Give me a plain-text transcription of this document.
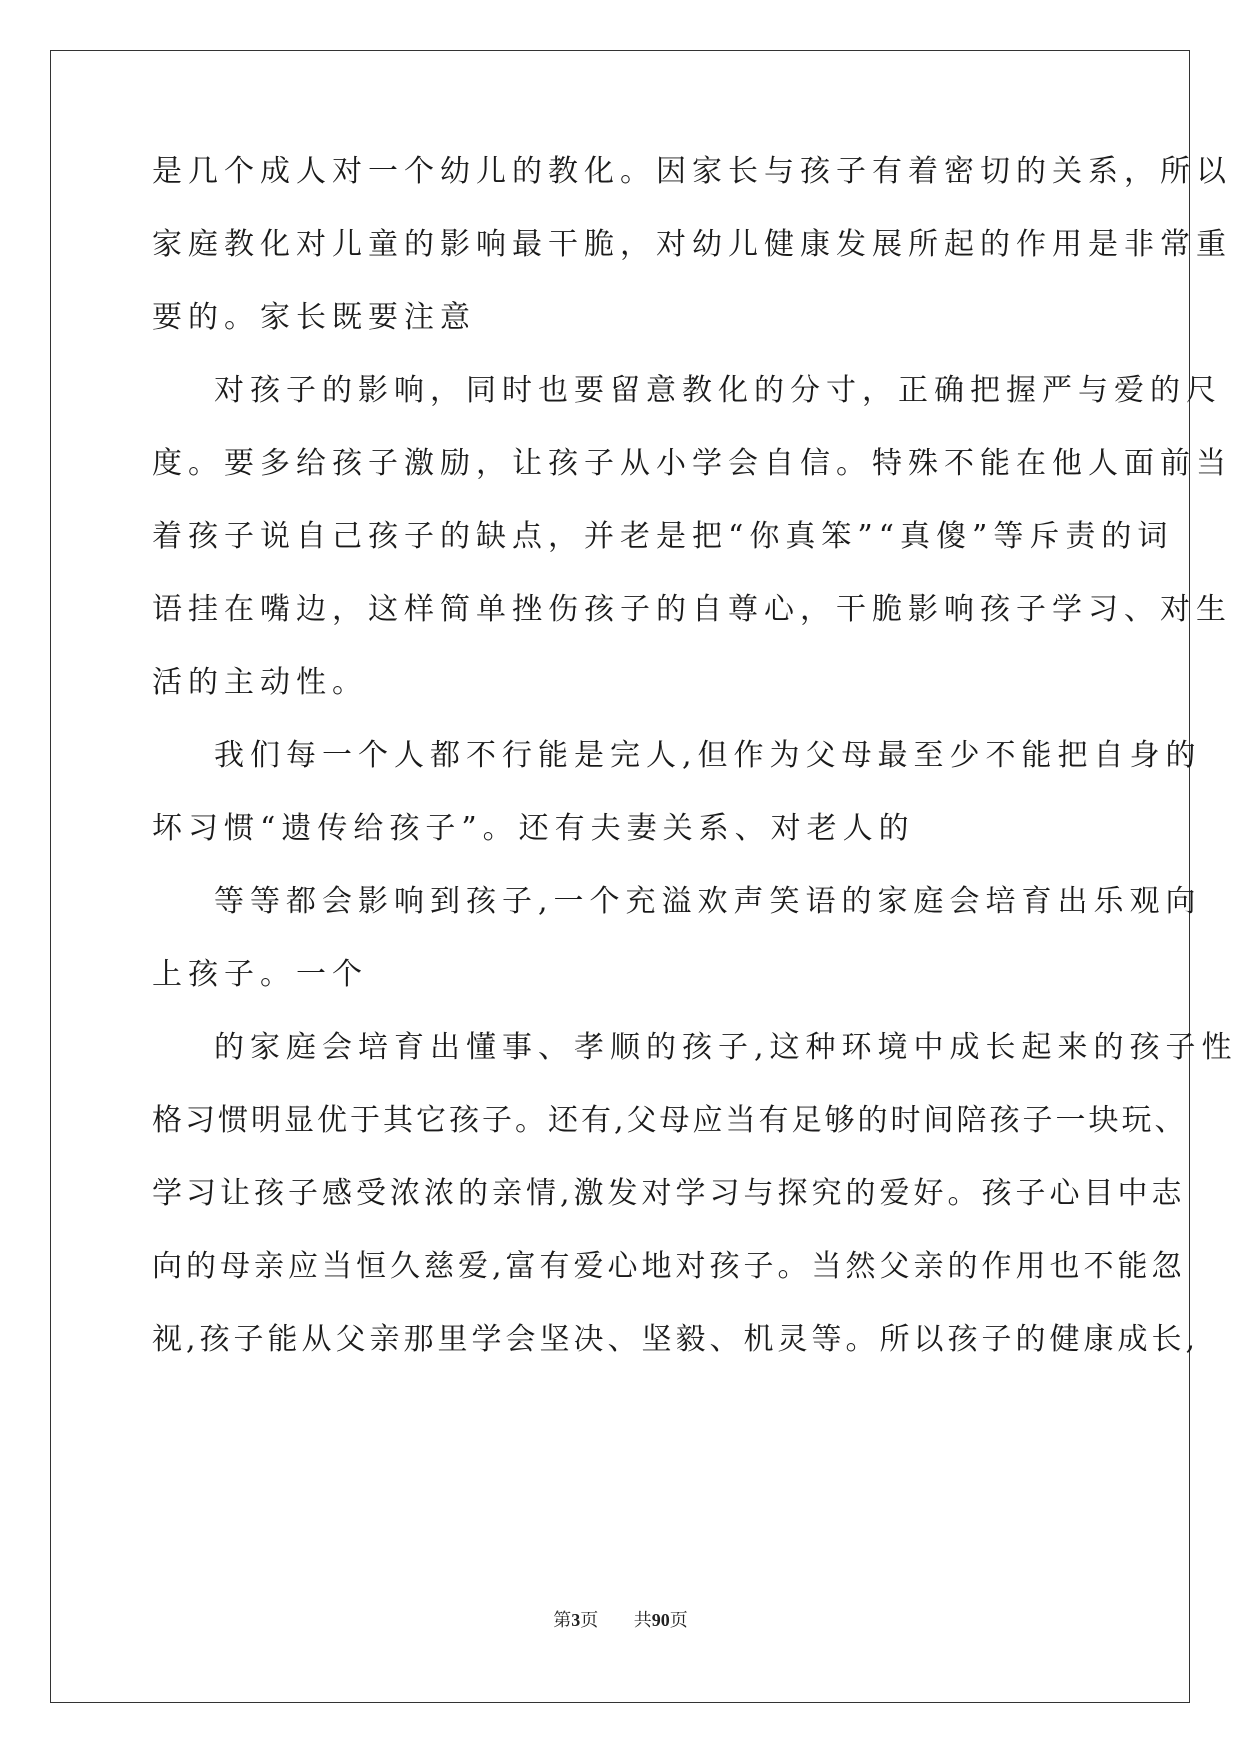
是几个成人对一个幼儿的教化。因家长与孩子有着密切的关系，所以
家庭教化对儿童的影响最干脆，对幼儿健康发展所起的作用是非常重
要的。家长既要注意
对孩子的影响，同时也要留意教化的分寸，正确把握严与爱的尺
度。要多给孩子激励，让孩子从小学会自信。特殊不能在他人面前当
着孩子说自己孩子的缺点，并老是把“你真笨”“真傻”等斥责的词
语挂在嘴边，这样简单挫伤孩子的自尊心，干脆影响孩子学习、对生
活的主动性。
我们每一个人都不行能是完人,但作为父母最至少不能把自身的
坏习惯“遗传给孩子”。还有夫妻关系、对老人的
等等都会影响到孩子,一个充溢欢声笑语的家庭会培育出乐观向
上孩子。一个
的家庭会培育出懂事、孝顺的孩子,这种环境中成长起来的孩子性
格习惯明显优于其它孩子。还有,父母应当有足够的时间陪孩子一块玩、
学习让孩子感受浓浓的亲情,激发对学习与探究的爱好。孩子心目中志
向的母亲应当恒久慈爱,富有爱心地对孩子。当然父亲的作用也不能忽
视,孩子能从父亲那里学会坚决、坚毅、机灵等。所以孩子的健康成长,
第3页 共90页
